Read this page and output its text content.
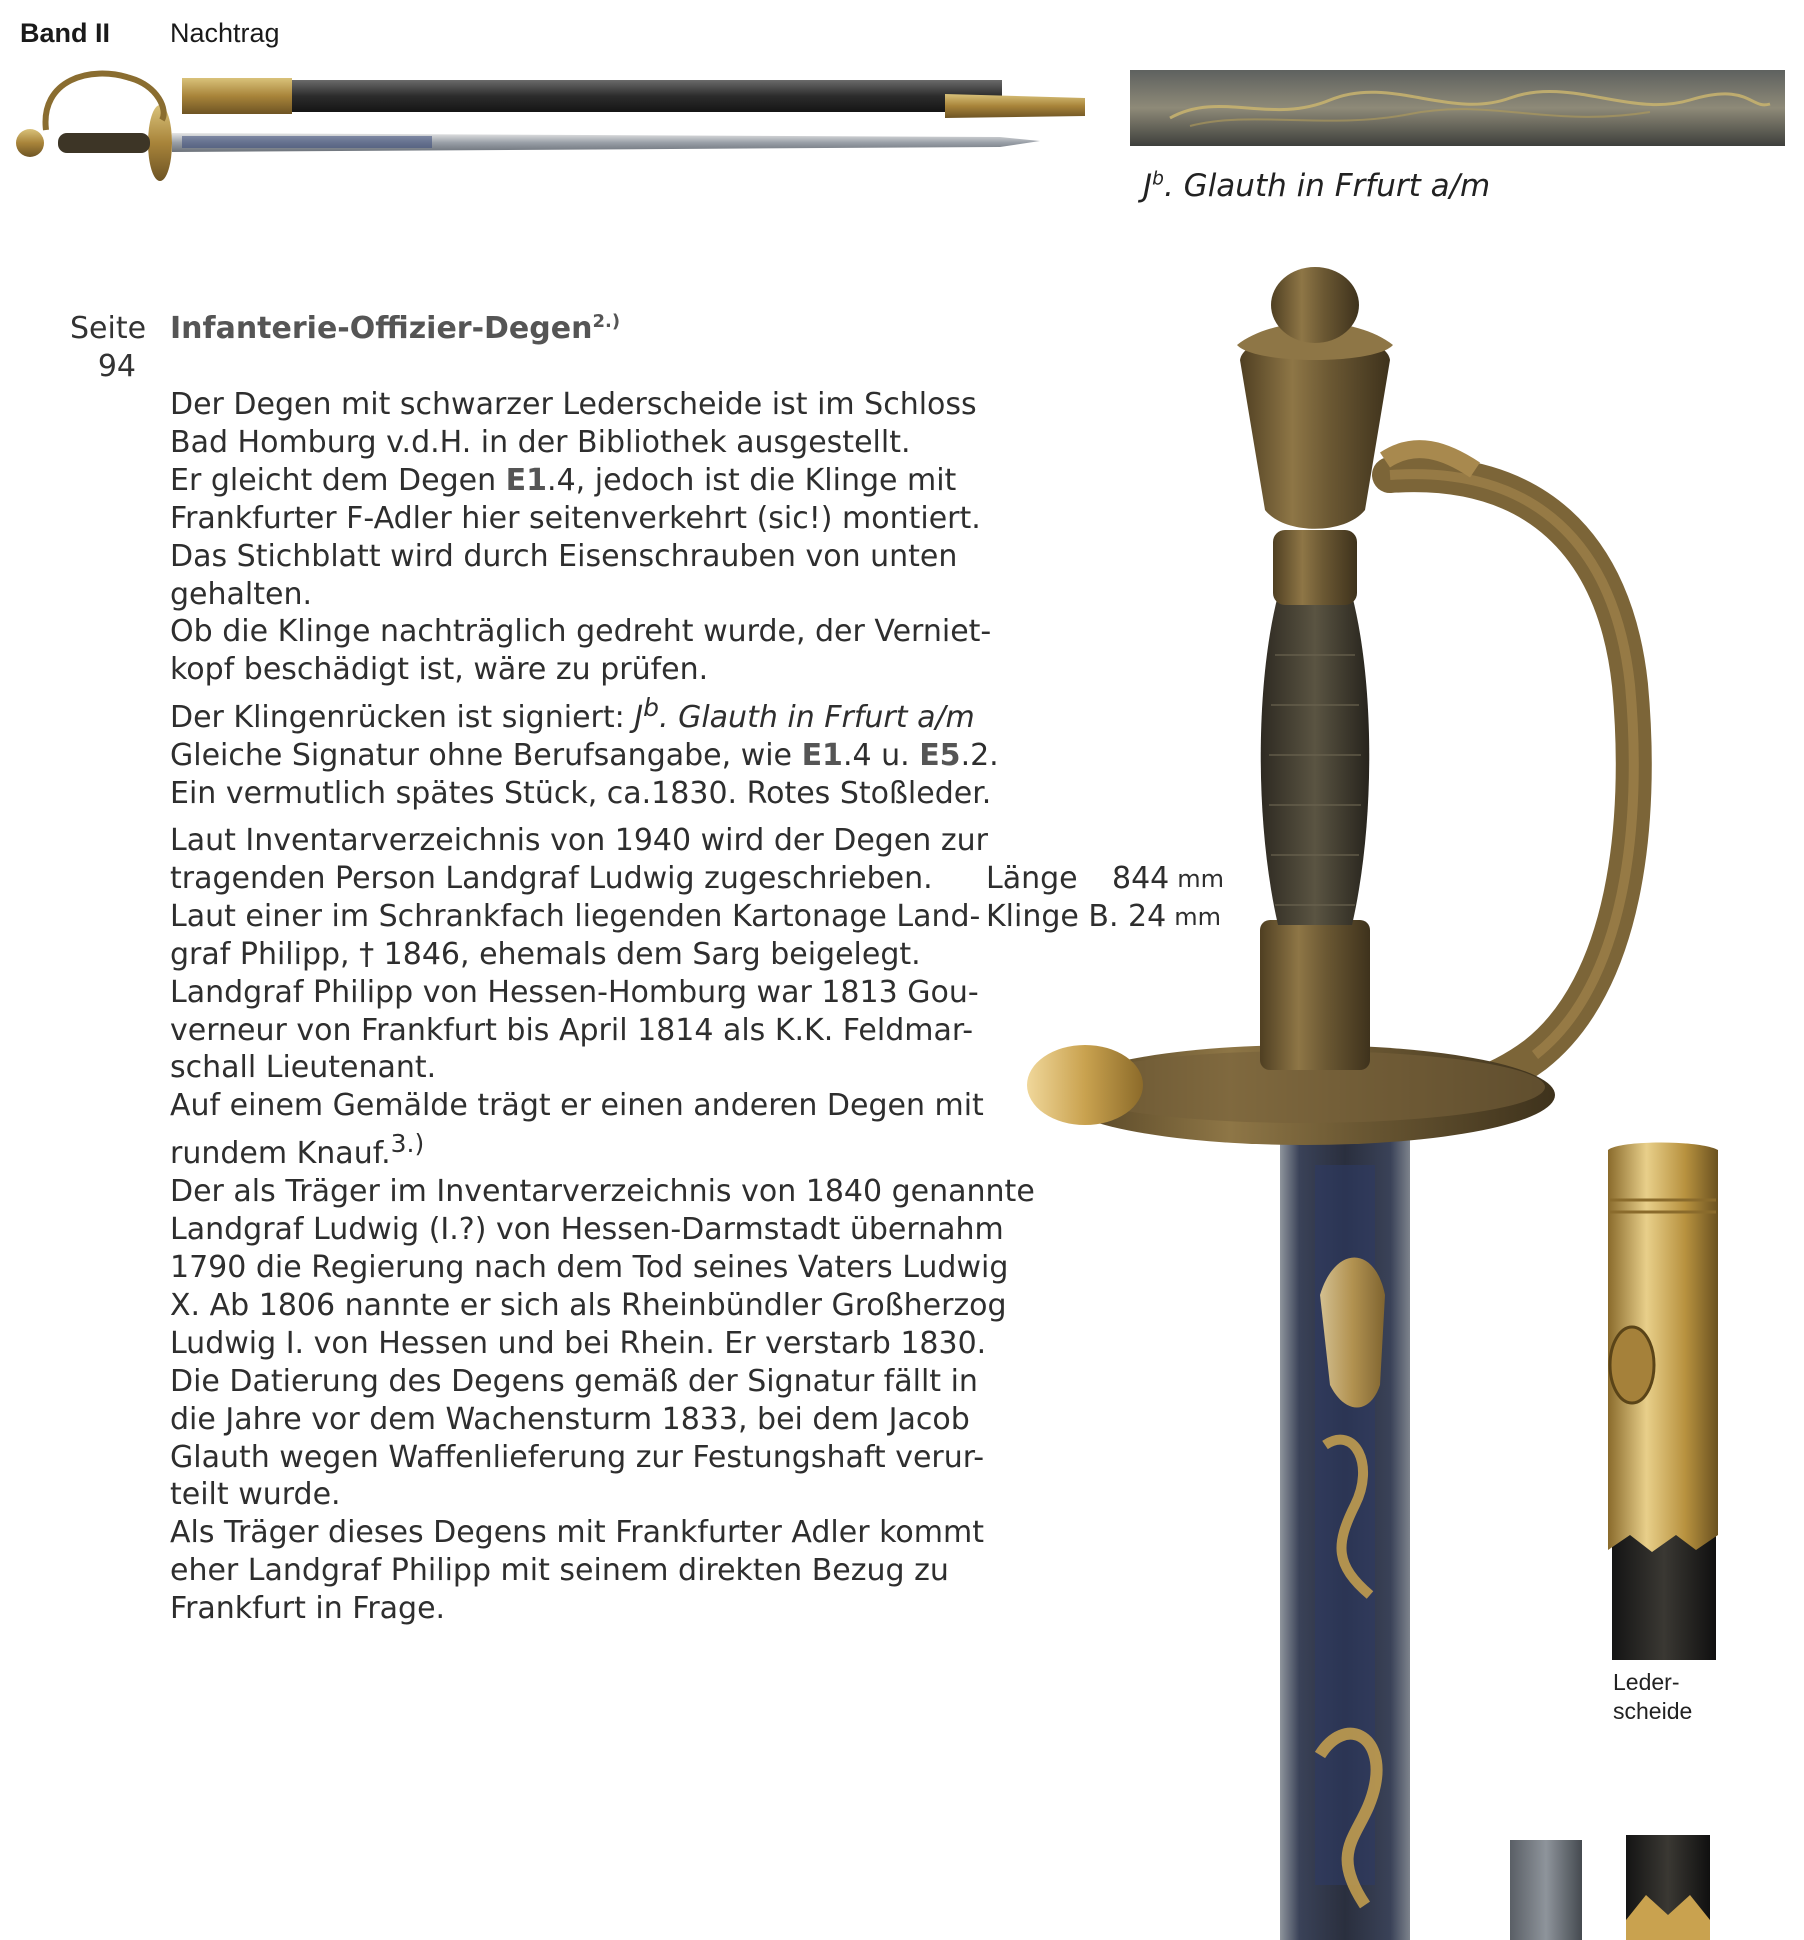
Band II Nachtrag
$J^b$. Glauth in Frfurt a/m
Seite
94
Infanterie-Offizier-Degen$^{2.)}$
Der Degen mit schwarzer Lederscheide ist im Schloss
Bad Homburg v.d.H. in der Bibliothek ausgestellt.
Er gleicht dem Degen E1.4, jedoch ist die Klinge mit
Frankfurter F-Adler hier seitenverkehrt (sic!) montiert.
Das Stichblatt wird durch Eisenschrauben von unten
gehalten.
Ob die Klinge nachträglich gedreht wurde, der Verniet-
kopf beschädigt ist, wäre zu prüfen.
Der Klingenrücken ist signiert: $J^b$. Glauth in Frfurt a/m
Gleiche Signatur ohne Berufsangabe, wie E1.4 u. E5.2.
Ein vermutlich spätes Stück, ca.1830. Rotes Stoßleder.
Laut Inventarverzeichnis von 1940 wird der Degen zur
tragenden Person Landgraf Ludwig zugeschrieben.
Laut einer im Schrankfach liegenden Kartonage Land-
graf Philipp, † 1846, ehemals dem Sarg beigelegt.
Landgraf Philipp von Hessen-Homburg war 1813 Gou-
verneur von Frankfurt bis April 1814 als K.K. Feldmar-
schall Lieutenant.
Auf einem Gemälde trägt er einen anderen Degen mit
rundem Knauf.$^{3.)}$
Der als Träger im Inventarverzeichnis von 1840 genannte
Landgraf Ludwig (I.?) von Hessen-Darmstadt übernahm
1790 die Regierung nach dem Tod seines Vaters Ludwig
X. Ab 1806 nannte er sich als Rheinbündler Großherzog
Ludwig I. von Hessen und bei Rhein. Er verstarb 1830.
Die Datierung des Degens gemäß der Signatur fällt in
die Jahre vor dem Wachensturm 1833, bei dem Jacob
Glauth wegen Waffenlieferung zur Festungshaft verur-
teilt wurde.
Als Träger dieses Degens mit Frankfurter Adler kommt
eher Landgraf Philipp mit seinem direkten Bezug zu
Frankfurt in Frage.
Länge	844 mm
Klinge B. 24 mm
Leder-
scheide
